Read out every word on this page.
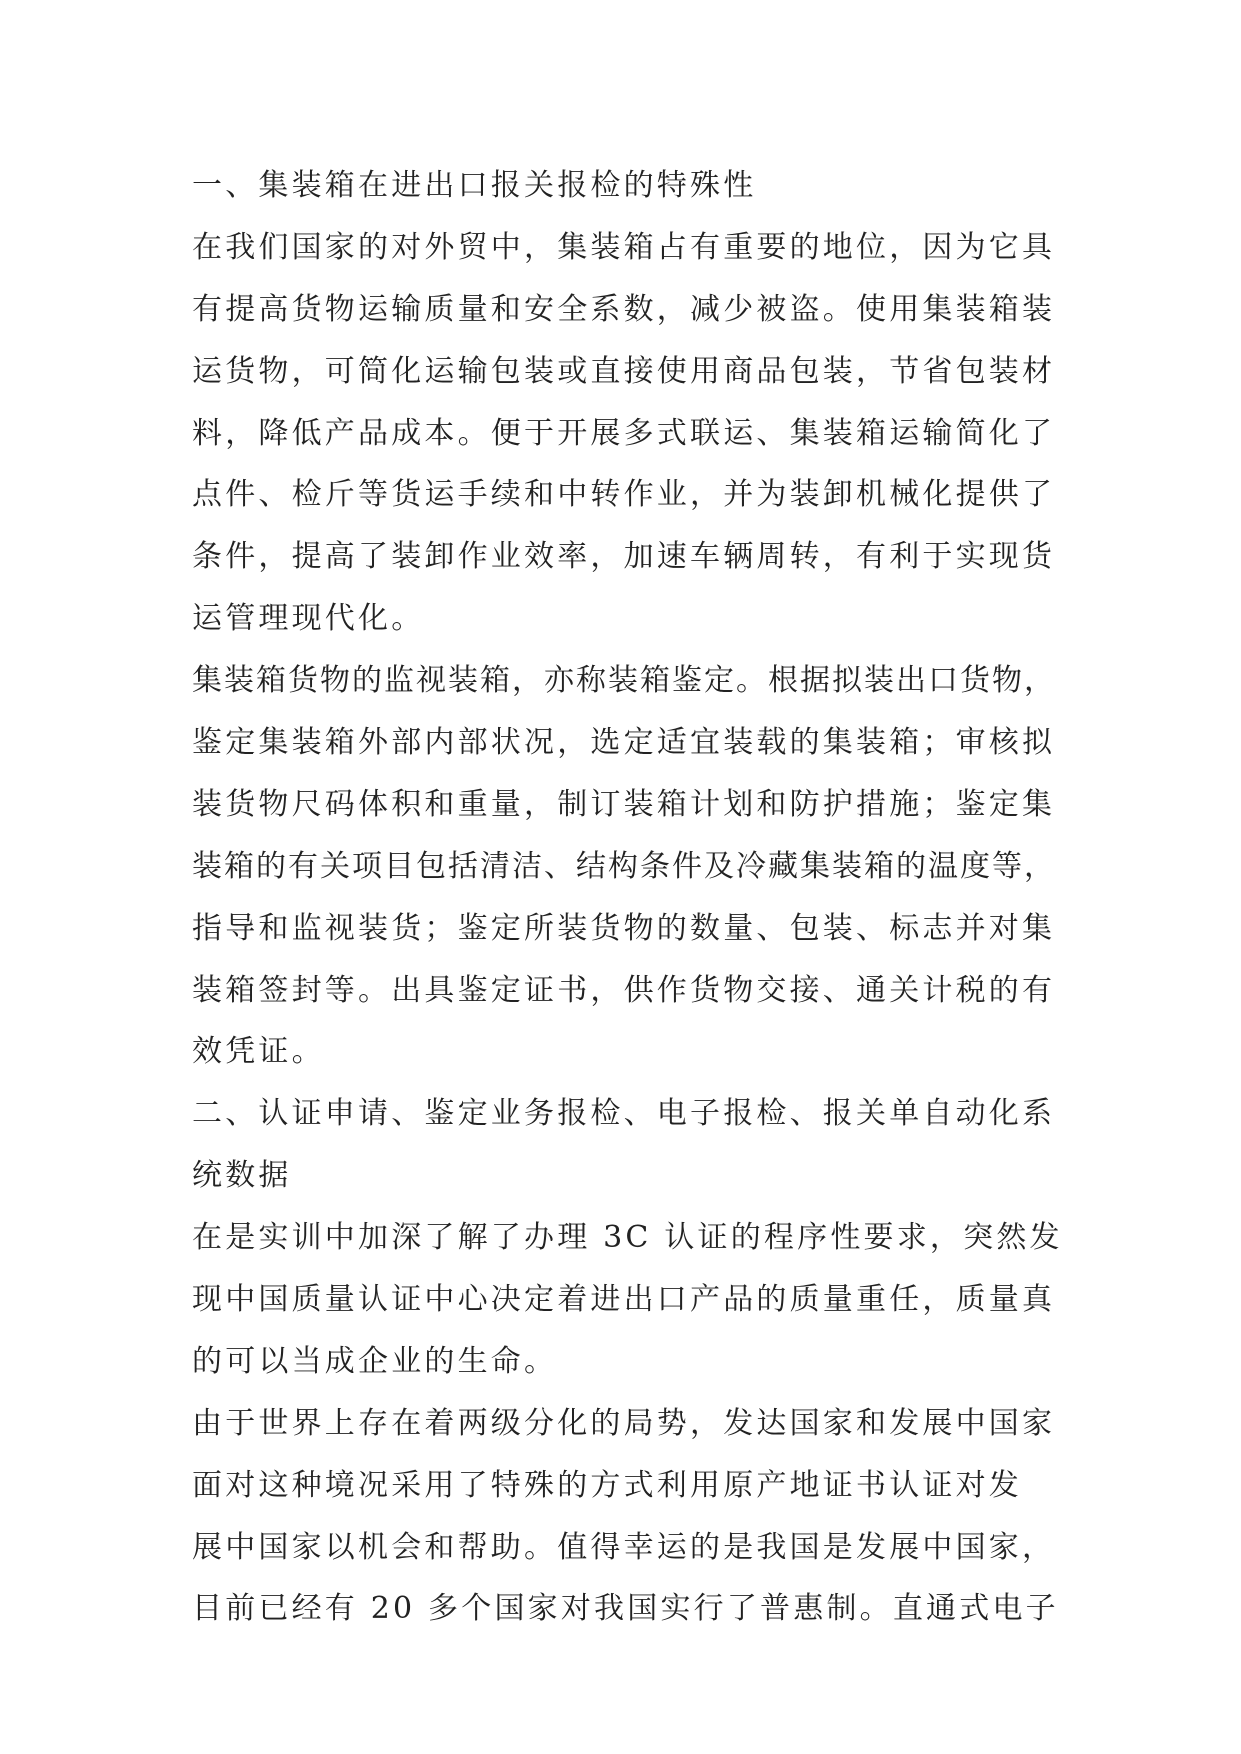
一、集装箱在进出口报关报检的特殊性
在我们国家的对外贸中，集装箱占有重要的地位，因为它具
有提高货物运输质量和安全系数，减少被盗。使用集装箱装
运货物，可简化运输包装或直接使用商品包装，节省包装材
料，降低产品成本。便于开展多式联运、集装箱运输简化了
点件、检斤等货运手续和中转作业，并为装卸机械化提供了
条件，提高了装卸作业效率，加速车辆周转，有利于实现货
运管理现代化。
集装箱货物的监视装箱，亦称装箱鉴定。根据拟装出口货物，
鉴定集装箱外部内部状况，选定适宜装载的集装箱；审核拟
装货物尺码体积和重量，制订装箱计划和防护措施；鉴定集
装箱的有关项目包括清洁、结构条件及冷藏集装箱的温度等，
指导和监视装货；鉴定所装货物的数量、包装、标志并对集
装箱签封等。出具鉴定证书，供作货物交接、通关计税的有
效凭证。
二、认证申请、鉴定业务报检、电子报检、报关单自动化系
统数据
在是实训中加深了解了办理 3C 认证的程序性要求，突然发
现中国质量认证中心决定着进出口产品的质量重任，质量真
的可以当成企业的生命。
由于世界上存在着两级分化的局势，发达国家和发展中国家
面对这种境况采用了特殊的方式利用原产地证书认证对发
展中国家以机会和帮助。值得幸运的是我国是发展中国家，
目前已经有 20 多个国家对我国实行了普惠制。直通式电子
